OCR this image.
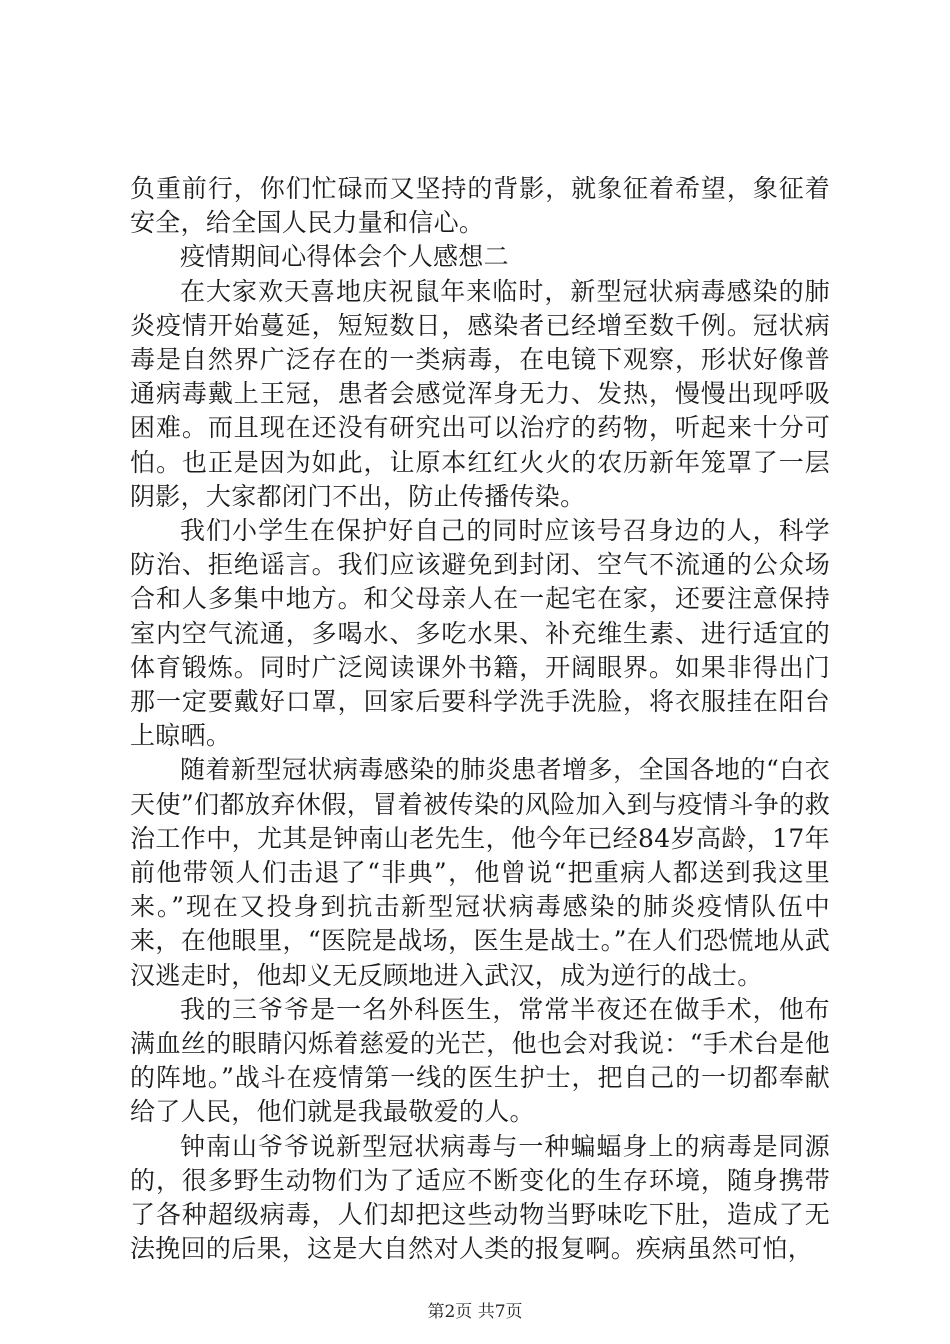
负重前行，你们忙碌而又坚持的背影，就象征着希望，象征着安全，给全国人民力量和信心。

疫情期间心得体会个人感想二

在大家欢天喜地庆祝鼠年来临时，新型冠状病毒感染的肺炎疫情开始蔓延，短短数日，感染者已经增至数千例。冠状病毒是自然界广泛存在的一类病毒，在电镜下观察，形状好像普通病毒戴上王冠，患者会感觉浑身无力、发热，慢慢出现呼吸困难。而且现在还没有研究出可以治疗的药物，听起来十分可怕。也正是因为如此，让原本红红火火的农历新年笼罩了一层阴影，大家都闭门不出，防止传播传染。

我们小学生在保护好自己的同时应该号召身边的人，科学防治、拒绝谣言。我们应该避免到封闭、空气不流通的公众场合和人多集中地方。和父母亲人在一起宅在家，还要注意保持室内空气流通，多喝水、多吃水果、补充维生素、进行适宜的体育锻炼。同时广泛阅读课外书籍，开阔眼界。如果非得出门那一定要戴好口罩，回家后要科学洗手洗脸，将衣服挂在阳台上晾晒。

随着新型冠状病毒感染的肺炎患者增多，全国各地的“白衣天使”们都放弃休假，冒着被传染的风险加入到与疫情斗争的救治工作中，尤其是钟南山老先生，他今年已经84岁高龄，17年前他带领人们击退了“非典”，他曾说“把重病人都送到我这里来。”现在又投身到抗击新型冠状病毒感染的肺炎疫情队伍中来，在他眼里，“医院是战场，医生是战士。”在人们恐慌地从武汉逃走时，他却义无反顾地进入武汉，成为逆行的战士。

我的三爷爷是一名外科医生，常常半夜还在做手术，他布满血丝的眼睛闪烁着慈爱的光芒，他也会对我说：“手术台是他的阵地。”战斗在疫情第一线的医生护士，把自己的一切都奉献给了人民，他们就是我最敬爱的人。

钟南山爷爷说新型冠状病毒与一种蝙蝠身上的病毒是同源的，很多野生动物们为了适应不断变化的生存环境，随身携带了各种超级病毒，人们却把这些动物当野味吃下肚，造成了无法挽回的后果，这是大自然对人类的报复啊。疾病虽然可怕，

第2页 共7页
